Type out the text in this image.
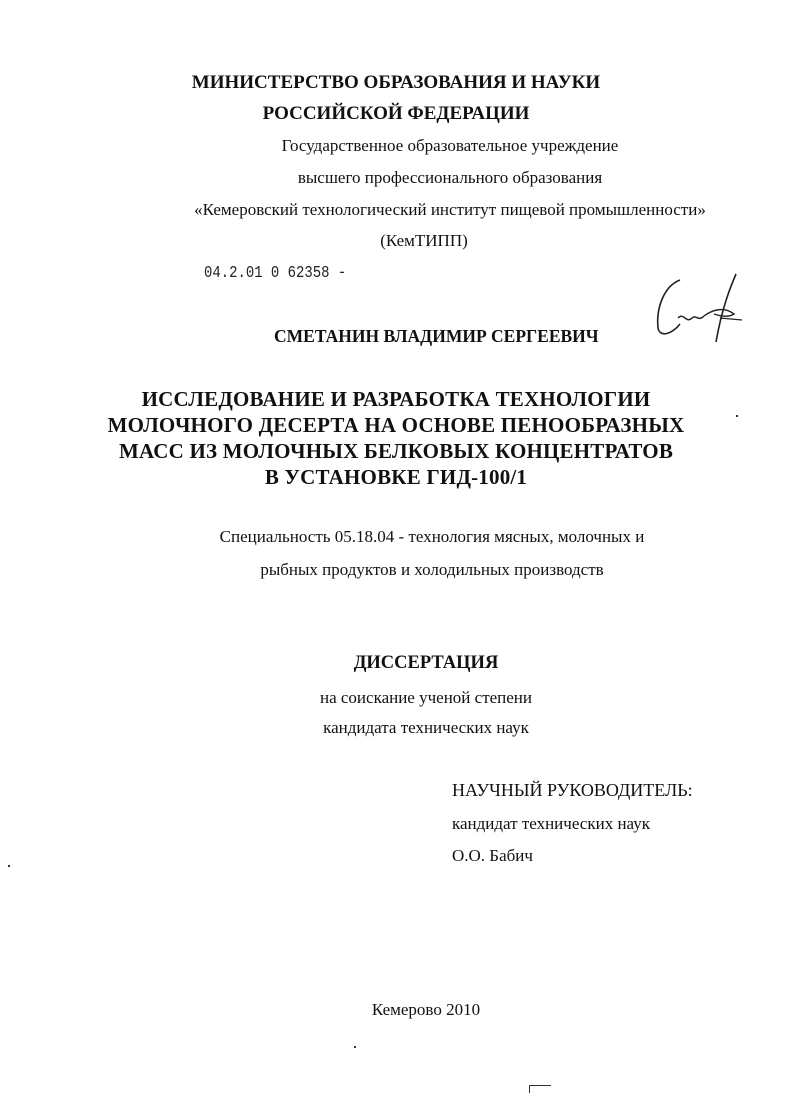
МИНИСТЕРСТВО ОБРАЗОВАНИЯ И НАУКИ
РОССИЙСКОЙ ФЕДЕРАЦИИ
Государственное образовательное учреждение
высшего профессионального образования
«Кемеровский технологический институт пищевой промышленности»
(КемТИПП)
04.2.01 0 62358 -
СМЕТАНИН ВЛАДИМИР СЕРГЕЕВИЧ
ИССЛЕДОВАНИЕ И РАЗРАБОТКА ТЕХНОЛОГИИ
МОЛОЧНОГО ДЕСЕРТА НА ОСНОВЕ ПЕНООБРАЗНЫХ
МАСС ИЗ МОЛОЧНЫХ БЕЛКОВЫХ КОНЦЕНТРАТОВ
В УСТАНОВКЕ ГИД-100/1
Специальность 05.18.04 - технология мясных, молочных и
рыбных продуктов и холодильных производств
ДИССЕРТАЦИЯ
на соискание ученой степени
кандидата технических наук
НАУЧНЫЙ РУКОВОДИТЕЛЬ:
кандидат технических наук
О.О. Бабич
Кемерово 2010
